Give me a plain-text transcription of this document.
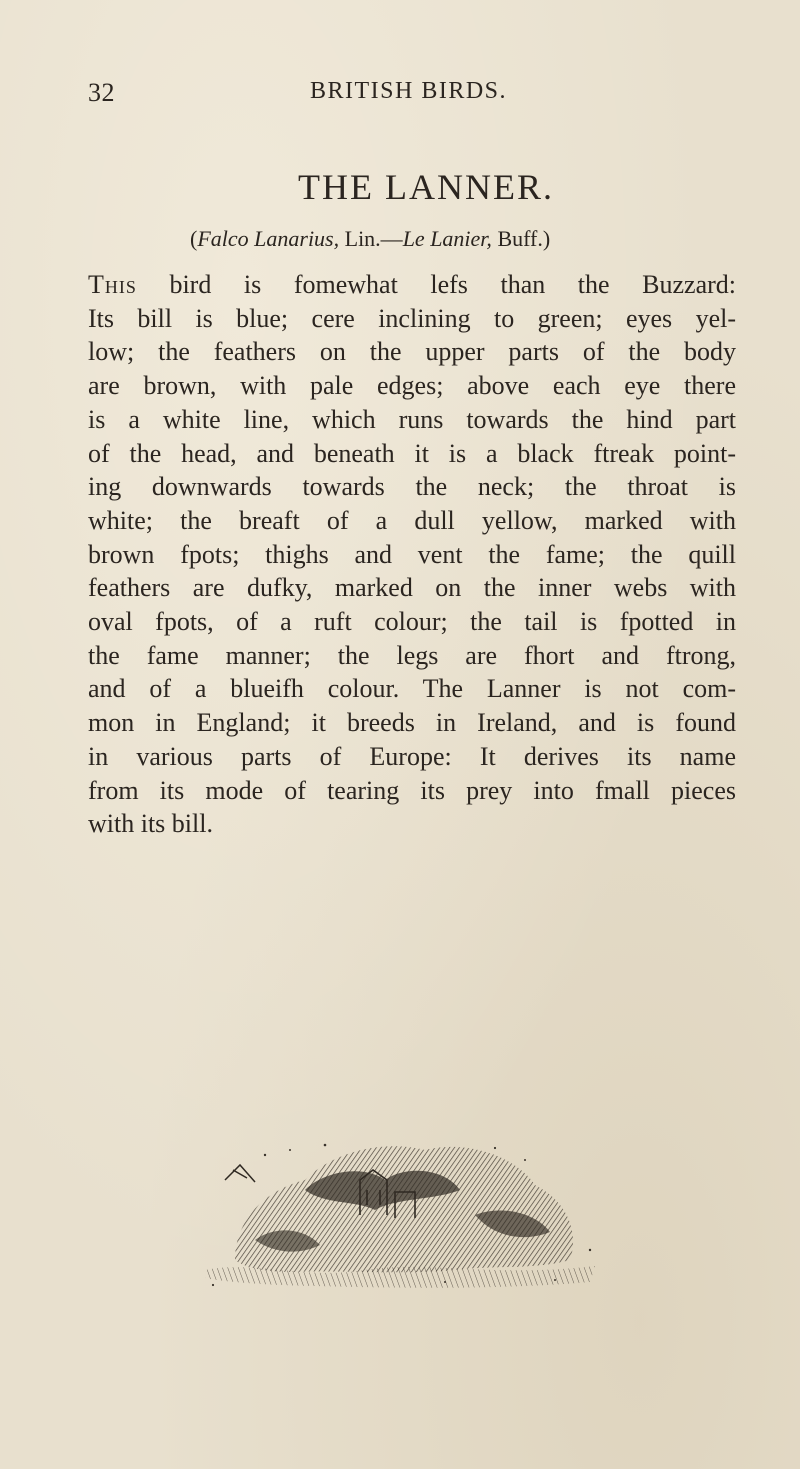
32	BRITISH BIRDS.
THE LANNER.
(Falco Lanarius, Lin.—Le Lanier, Buff.)
This bird is fomewhat lefs than the Buzzard:
Its bill is blue; cere inclining to green; eyes yel-
low; the feathers on the upper parts of the body
are brown, with pale edges; above each eye there
is a white line, which runs towards the hind part
of the head, and beneath it is a black ftreak point-
ing downwards towards the neck; the throat is
white; the breaft of a dull yellow, marked with
brown fpots; thighs and vent the fame; the quill
feathers are dufky, marked on the inner webs with
oval fpots, of a ruft colour; the tail is fpotted in
the fame manner; the legs are fhort and ftrong,
and of a blueifh colour. The Lanner is not com-
mon in England; it breeds in Ireland, and is found
in various parts of Europe: It derives its name
from its mode of tearing its prey into fmall pieces
with its bill.
